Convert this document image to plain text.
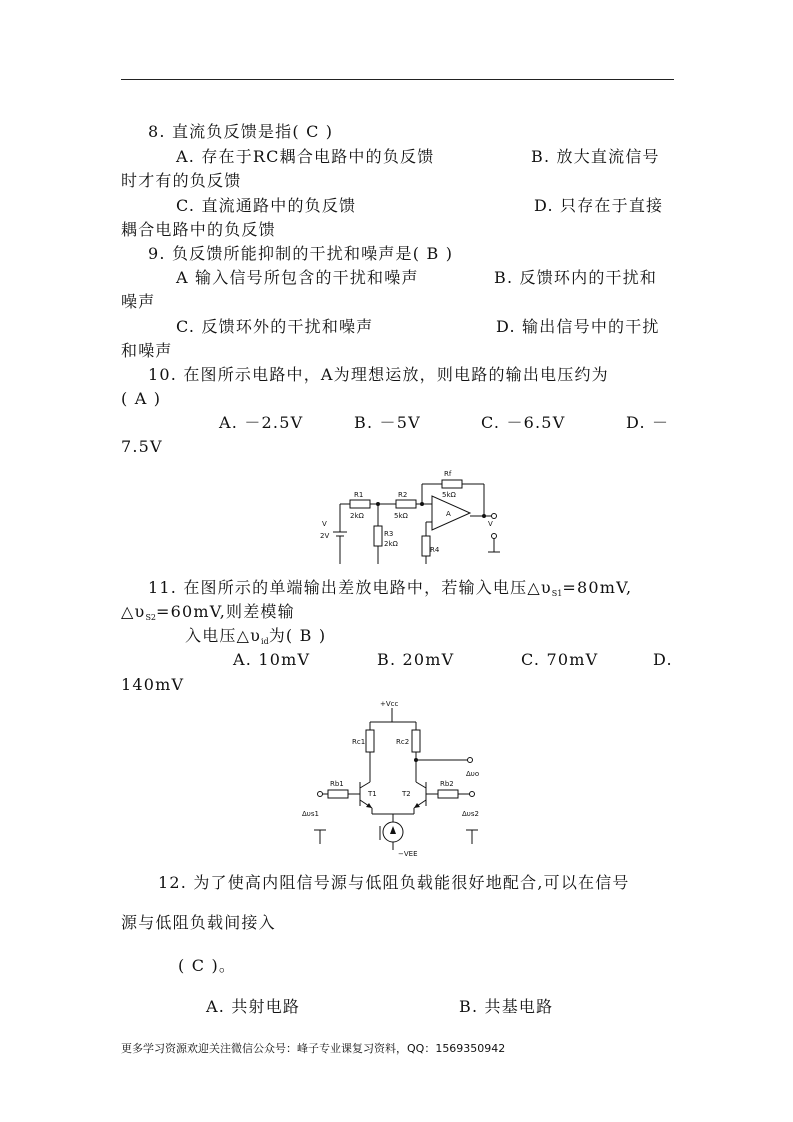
8. 直流负反馈是指( C )
A. 存在于RC耦合电路中的负反馈	B. 放大直流信号
时才有的负反馈
C. 直流通路中的负反馈	D. 只存在于直接
耦合电路中的负反馈
9. 负反馈所能抑制的干扰和噪声是( B )
A 输入信号所包含的干扰和噪声	B. 反馈环内的干扰和
噪声
C. 反馈环外的干扰和噪声	D. 输出信号中的干扰
和噪声
10. 在图所示电路中，A为理想运放，则电路的输出电压约为
( A )
A. －2.5V	B. －5V	C. －6.5V	D. －
7.5V
Rf
5kΩ
R1
2kΩ
R2
5kΩ
R3
2kΩ
R4
A
V
2V
V
11. 在图所示的单端输出差放电路中，若输入电压$\triangle\upsilon_{S1}=80mV$,
$\triangle\upsilon_{S2}=60mV$,则差模输
入电压$\triangle\upsilon_{id}$为( B )
A. 10mV	B. 20mV	C. 70mV	D.
140mV
+Vcc
−VEE
Rc1	Rc2
Rb1	Rb2
T1	T2
Δυs1	Δυs2
Δυo
12. 为了使高内阻信号源与低阻负载能很好地配合,可以在信号
源与低阻负载间接入
( C )。
A. 共射电路	B. 共基电路
更多学习资源欢迎关注微信公众号：峰子专业课复习资料，QQ：1569350942
